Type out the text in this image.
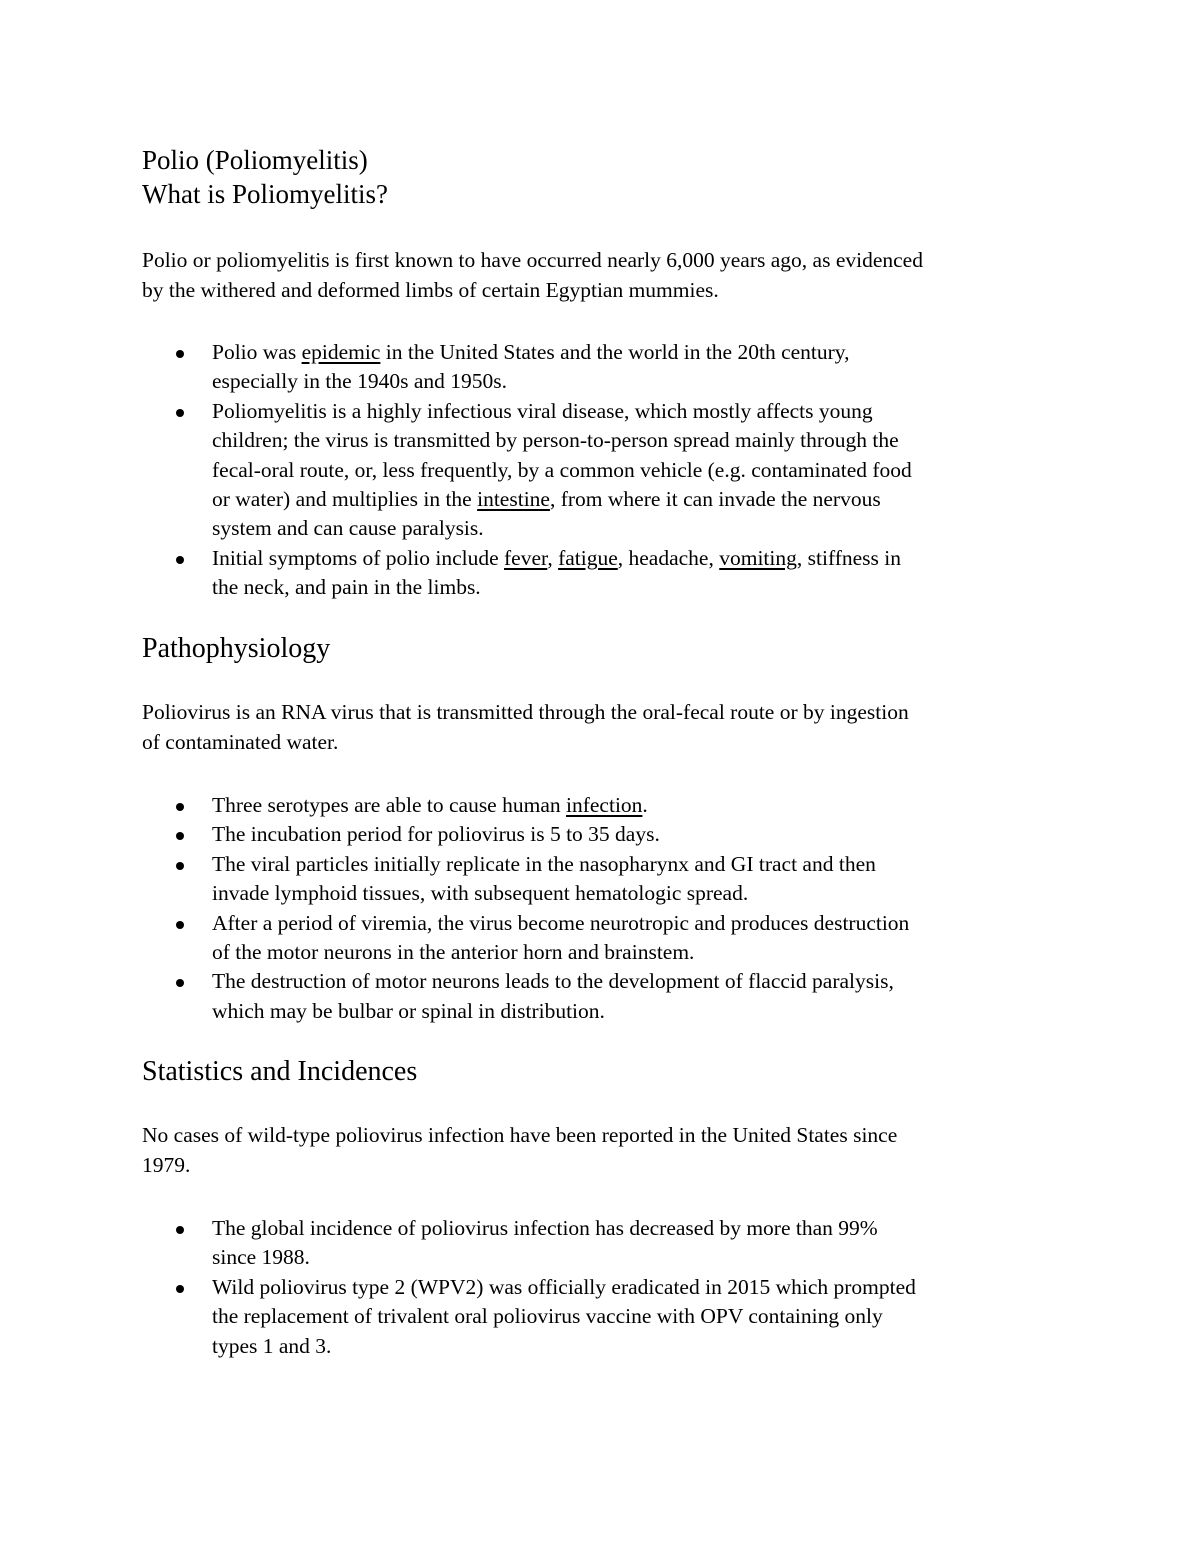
Polio (Poliomyelitis)
What is Poliomyelitis?

Polio or poliomyelitis is first known to have occurred nearly 6,000 years ago, as evidenced
by the withered and deformed limbs of certain Egyptian mummies.

Polio was epidemic in the United States and the world in the 20th century,
especially in the 1940s and 1950s.
Poliomyelitis is a highly infectious viral disease, which mostly affects young
children; the virus is transmitted by person-to-person spread mainly through the
fecal-oral route, or, less frequently, by a common vehicle (e.g. contaminated food
or water) and multiplies in the intestine, from where it can invade the nervous
system and can cause paralysis.
Initial symptoms of polio include fever, fatigue, headache, vomiting, stiffness in
the neck, and pain in the limbs.
Pathophysiology

Poliovirus is an RNA virus that is transmitted through the oral-fecal route or by ingestion
of contaminated water.

Three serotypes are able to cause human infection.
The incubation period for poliovirus is 5 to 35 days.
The viral particles initially replicate in the nasopharynx and GI tract and then
invade lymphoid tissues, with subsequent hematologic spread.
After a period of viremia, the virus become neurotropic and produces destruction
of the motor neurons in the anterior horn and brainstem.
The destruction of motor neurons leads to the development of flaccid paralysis,
which may be bulbar or spinal in distribution.
Statistics and Incidences

No cases of wild-type poliovirus infection have been reported in the United States since
1979.

The global incidence of poliovirus infection has decreased by more than 99%
since 1988.
Wild poliovirus type 2 (WPV2) was officially eradicated in 2015 which prompted
the replacement of trivalent oral poliovirus vaccine with OPV containing only
types 1 and 3.
